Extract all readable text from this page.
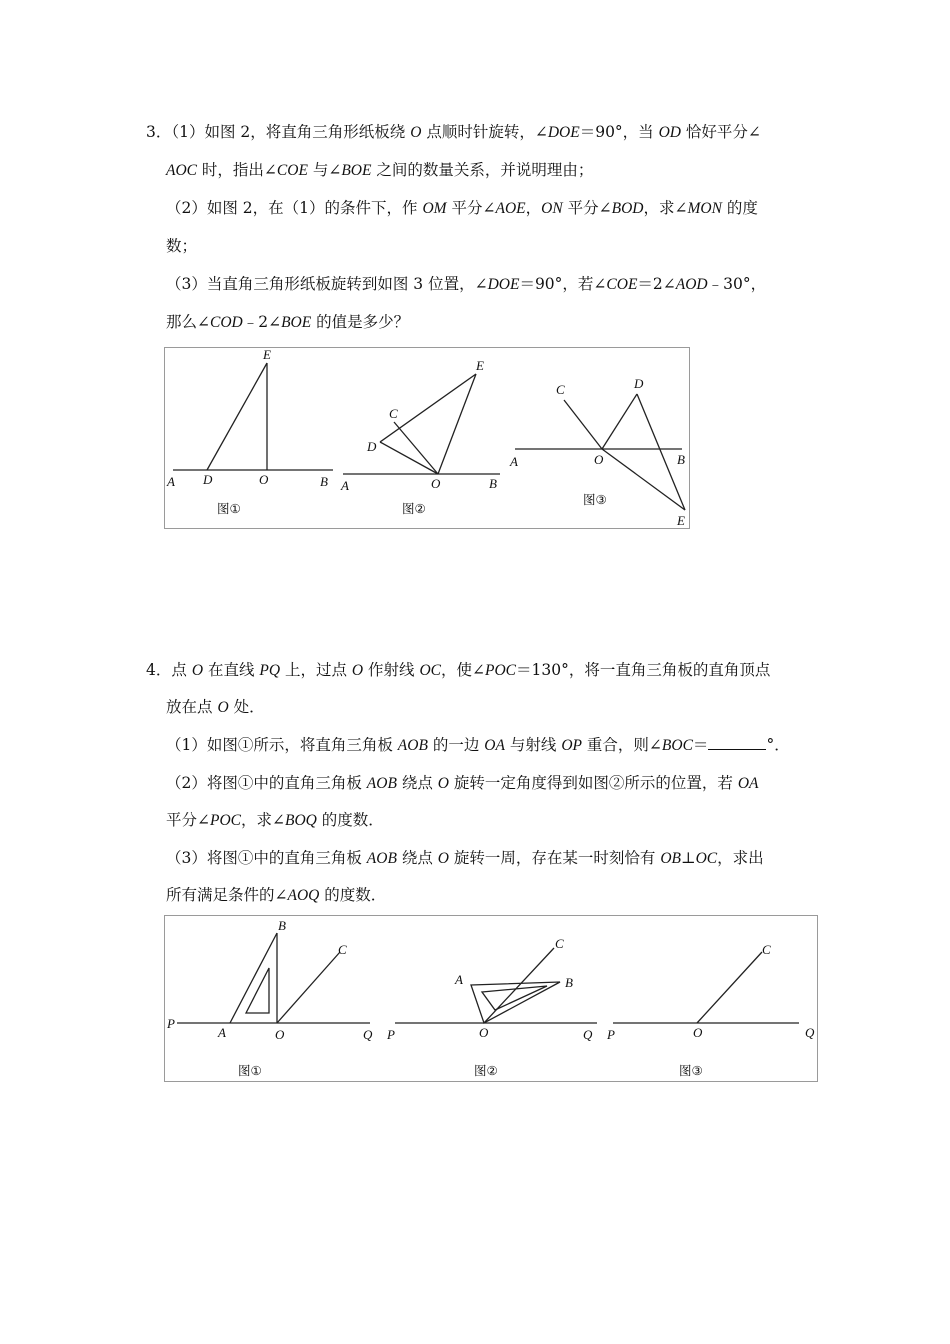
3．（1）如图 2，将直角三角形纸板绕 O 点顺时针旋转，∠DOE＝90°，当 OD 恰好平分∠
AOC 时，指出∠COE 与∠BOE 之间的数量关系，并说明理由；
（2）如图 2，在（1）的条件下，作 OM 平分∠AOE，ON 平分∠BOD，求∠MON 的度
数；
（3）当直角三角形纸板旋转到如图 3 位置，∠DOE＝90°，若∠COE＝2∠AOD﹣30°，
那么∠COD﹣2∠BOE 的值是多少？
E
A D	O	B
图①
E
C
D
A	O	B
图②
C	D
A	O	B
E
图③
4．点 O 在直线 PQ 上，过点 O 作射线 OC，使∠POC＝130°，将一直角三角板的直角顶点
放在点 O 处．
（1）如图①所示，将直角三角板 AOB 的一边 OA 与射线 OP 重合，则∠BOC＝	°．
（2）将图①中的直角三角板 AOB 绕点 O 旋转一定角度得到如图②所示的位置，若 OA
平分∠POC，求∠BOQ 的度数．
（3）将图①中的直角三角板 AOB 绕点 O 旋转一周，存在某一时刻恰有 OB⊥OC，求出
所有满足条件的∠AOQ 的度数．
B
C
P
A	O	Q
图①
C
A	B
P	O	Q
图②
C
P	O	Q
图③
